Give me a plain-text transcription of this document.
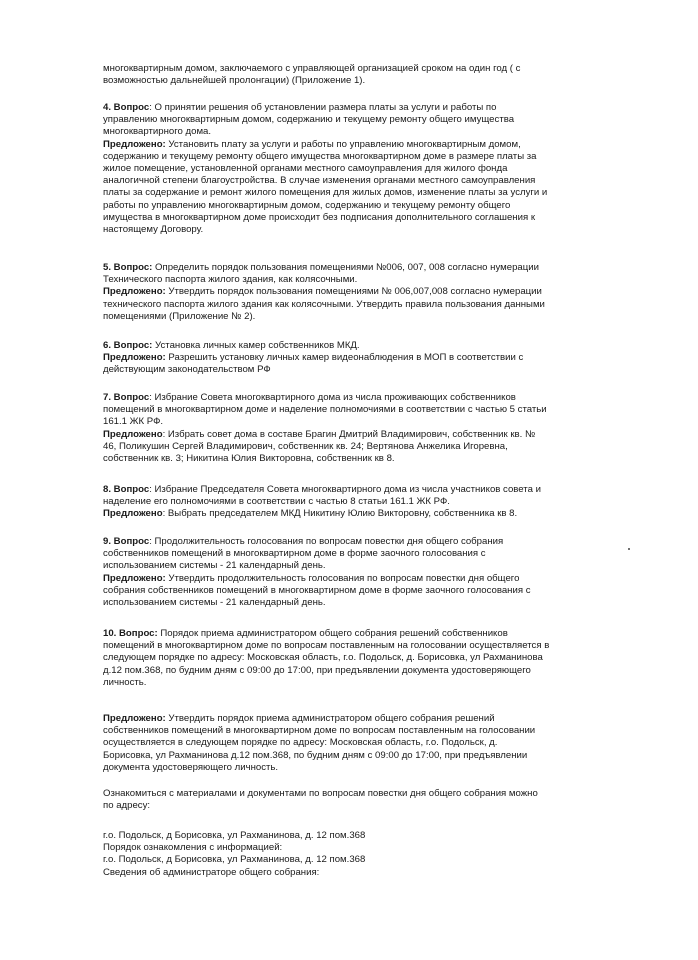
многоквартирным домом, заключаемого с управляющей организацией сроком на один год ( с
возможностью дальнейшей пролонгации) (Приложение 1).
4. Вопрос: О принятии решения об установлении размера платы за услуги и работы по
управлению многоквартирным домом, содержанию и текущему ремонту общего имущества
многоквартирного дома.
Предложено: Установить плату за услуги и работы по управлению многоквартирным домом,
содержанию и текущему ремонту общего имущества многоквартирном доме в размере платы за
жилое помещение, установленной органами местного самоуправления для жилого фонда
аналогичной степени благоустройства. В случае изменения органами местного самоуправления
платы за содержание и ремонт жилого помещения для жилых домов, изменение платы за услуги и
работы по управлению многоквартирным домом, содержанию и текущему ремонту общего
имущества в многоквартирном доме происходит без подписания дополнительного соглашения к
настоящему Договору.
5. Вопрос: Определить порядок пользования помещениями №006, 007, 008 согласно нумерации
Технического паспорта жилого здания, как колясочными.
Предложено: Утвердить порядок пользования помещениями № 006,007,008 согласно нумерации
технического паспорта жилого здания как колясочными. Утвердить правила пользования данными
помещениями (Приложение № 2).
6. Вопрос: Установка личных камер собственников МКД.
Предложено: Разрешить установку личных камер видеонаблюдения в МОП в соответствии с
действующим законодательством РФ
7. Вопрос: Избрание Совета многоквартирного дома из числа проживающих собственников
помещений в многоквартирном доме и наделение полномочиями в соответствии с частью 5 статьи
161.1 ЖК РФ.
Предложено: Избрать совет дома в составе Брагин Дмитрий Владимирович, собственник кв. №
46, Поликушин Сергей Владимирович, собственник кв. 24; Вертянова Анжелика Игоревна,
собственник кв. 3; Никитина Юлия Викторовна, собственник кв 8.
8. Вопрос: Избрание Председателя Совета многоквартирного дома из числа участников совета и
наделение его полномочиями в соответствии с частью 8 статьи 161.1 ЖК РФ.
Предложено: Выбрать председателем МКД Никитину Юлию Викторовну, собственника кв 8.
9. Вопрос: Продолжительность голосования по вопросам повестки дня общего собрания
собственников помещений в многоквартирном доме в форме заочного голосования с
использованием системы - 21 календарный день.
Предложено: Утвердить продолжительность голосования по вопросам повестки дня общего
собрания собственников помещений в многоквартирном доме в форме заочного голосования с
использованием системы - 21 календарный день.
10. Вопрос: Порядок приема администратором общего собрания решений собственников
помещений в многоквартирном доме по вопросам поставленным на голосовании осуществляется в
следующем порядке по адресу: Московская область, г.о. Подольск, д. Борисовка, ул Рахманинова
д.12 пом.368, по будним дням с 09:00 до 17:00, при предъявлении документа удостоверяющего
личность.
Предложено: Утвердить порядок приема администратором общего собрания решений
собственников помещений в многоквартирном доме по вопросам поставленным на голосовании
осуществляется в следующем порядке по адресу: Московская область, г.о. Подольск, д.
Борисовка, ул Рахманинова д.12 пом.368, по будним дням с 09:00 до 17:00, при предъявлении
документа удостоверяющего личность.
Ознакомиться с материалами и документами по вопросам повестки дня общего собрания можно
по адресу:
г.о. Подольск, д Борисовка, ул Рахманинова, д. 12 пом.368
Порядок ознакомления с информацией:
г.о. Подольск, д Борисовка, ул Рахманинова, д. 12 пом.368
Сведения об администраторе общего собрания:
